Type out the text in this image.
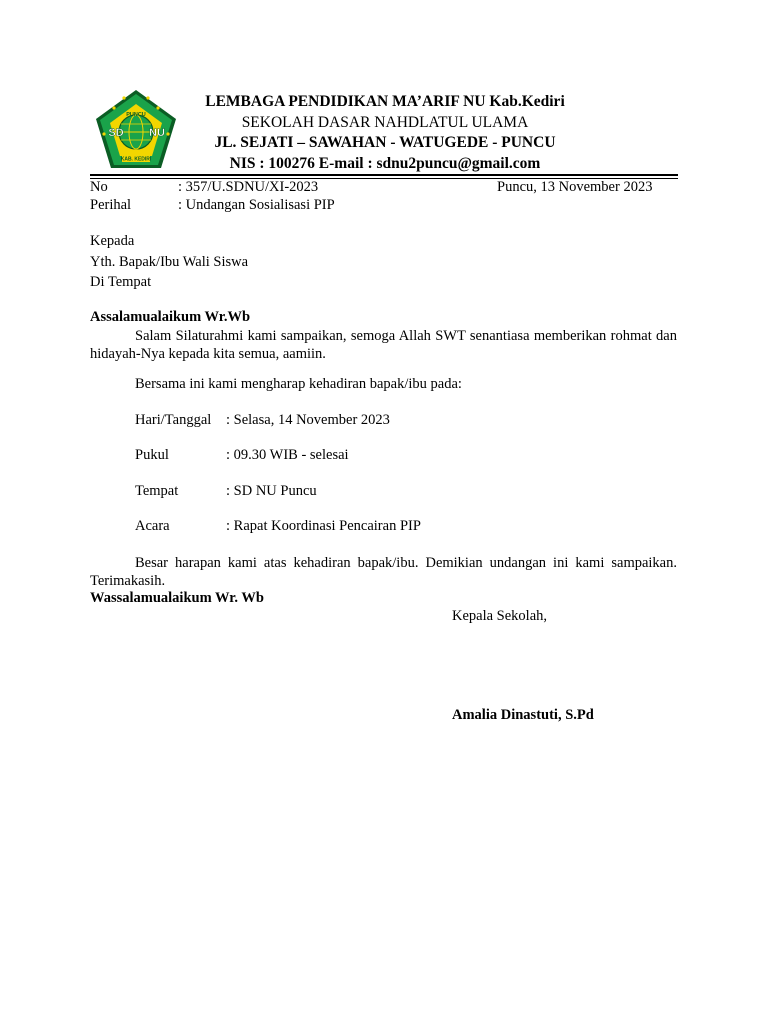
PUNCU
SD NU
KAB. KEDIRI
LEMBAGA PENDIDIKAN MA’ARIF NU Kab.Kediri
SEKOLAH DASAR NAHDLATUL ULAMA
JL. SEJATI – SAWAHAN - WATUGEDE - PUNCU
NIS : 100276 E-mail : sdnu2puncu@gmail.com
No	: 357/U.SDNU/XI-2023	Puncu, 13 November 2023
Perihal	: Undangan Sosialisasi PIP
Kepada
Yth. Bapak/Ibu Wali Siswa
Di Tempat
Assalamualaikum Wr.Wb
Salam Silaturahmi kami sampaikan, semoga Allah SWT senantiasa memberikan rohmat dan hidayah-Nya kepada kita semua, aamiin.
Bersama ini kami mengharap kehadiran bapak/ibu pada:
Hari/Tanggal : Selasa, 14 November 2023
Pukul	: 09.30 WIB - selesai
Tempat	: SD NU Puncu
Acara	: Rapat Koordinasi Pencairan PIP
Besar harapan kami atas kehadiran bapak/ibu. Demikian undangan ini kami sampaikan. Terimakasih.
Wassalamualaikum Wr. Wb
Kepala Sekolah,
Amalia Dinastuti, S.Pd
